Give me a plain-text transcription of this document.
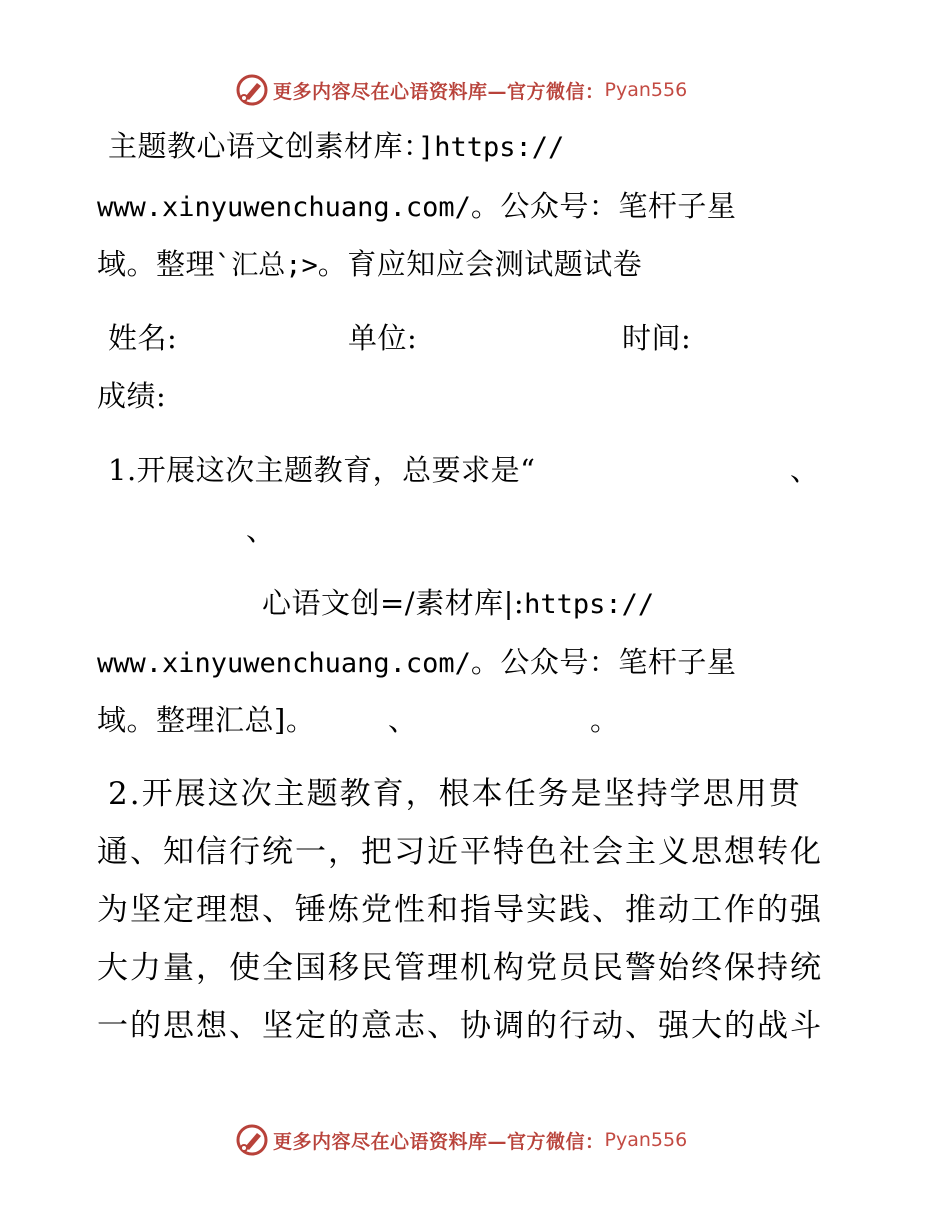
更多内容尽在心语资料库—官方微信： Pyan556
主题教心语文创素材库：]https://
www.xinyuwenchuang.com/。公众号：笔杆子星
域。整理`汇总;>。育应知应会测试题试卷
姓名:	单位:	时间:
成绩:
1.开展这次主题教育，总要求是“	、
、
心语文创=/素材库|:https://
www.xinyuwenchuang.com/。公众号：笔杆子星
域。整理汇总]。	、	。
2.开展这次主题教育，根本任务是坚持学思用贯
通、知信行统一，把习近平特色社会主义思想转化
为坚定理想、锤炼党性和指导实践、推动工作的强
大力量，使全国移民管理机构党员民警始终保持统
一的思想、坚定的意志、协调的行动、强大的战斗
更多内容尽在心语资料库—官方微信： Pyan556
